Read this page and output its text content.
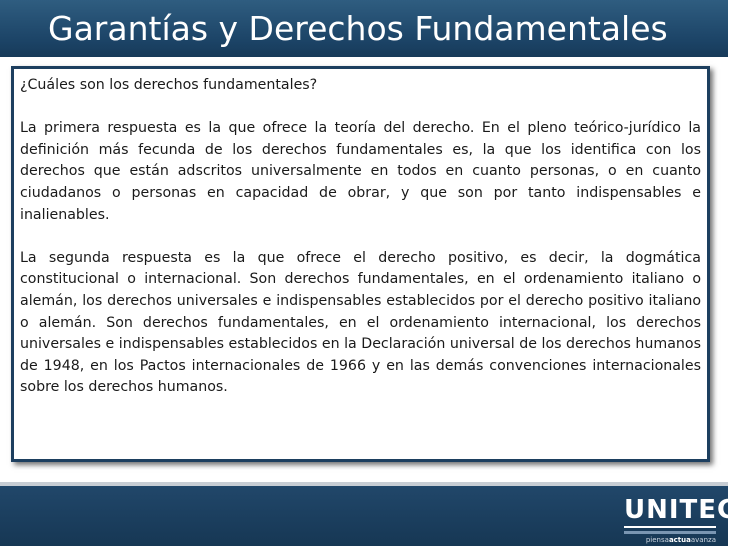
Garantías y Derechos Fundamentales

¿Cuáles son los derechos fundamentales?

La primera respuesta es la que ofrece la teoría del derecho. En el pleno teórico-jurídico la definición más fecunda de los derechos fundamentales es, la que los identifica con los derechos que están adscritos universalmente en todos en cuanto personas, o en cuanto ciudadanos o personas en capacidad de obrar, y que son por tanto indispensables e inalienables.

La segunda respuesta es la que ofrece el derecho positivo, es decir, la dogmática constitucional o internacional. Son derechos fundamentales, en el ordenamiento italiano o alemán, los derechos universales e indispensables establecidos por el derecho positivo italiano o alemán. Son derechos fundamentales, en el ordenamiento internacional, los derechos universales e indispensables establecidos en la Declaración universal de los derechos humanos de 1948, en los Pactos internacionales de 1966 y en las demás convenciones internacionales sobre los derechos humanos.

UNITEC™
piensaactuaavanza
